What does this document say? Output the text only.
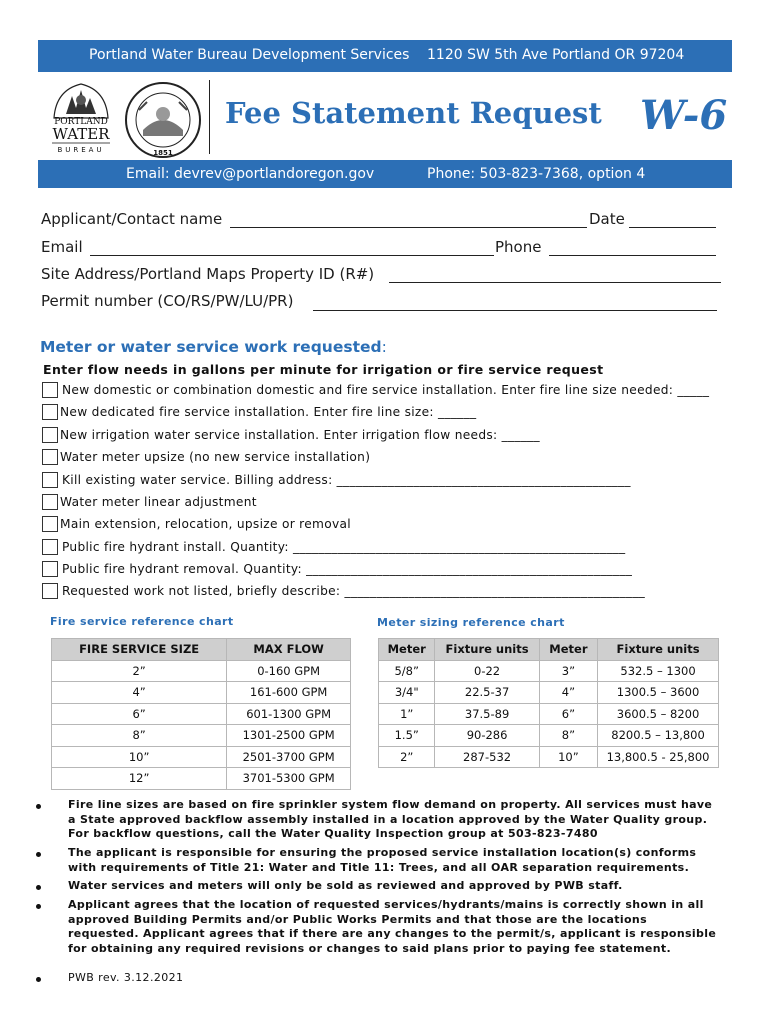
Portland Water Bureau Development Services 1120 SW 5th Ave Portland OR 97204
PORTLAND
WATER
BUREAU	1851
Fee Statement Request W-6
Email: devrev@portlandoregon.gov	Phone: 503-823-7368, option 4
Applicant/Contact name	Date
Email	Phone
Site Address/Portland Maps Property ID (R#)
Permit number (CO/RS/PW/LU/PR)
Meter or water service work requested:
Enter flow needs in gallons per minute for irrigation or fire service request
New domestic or combination domestic and fire service installation. Enter fire line size needed: _____
New dedicated fire service installation. Enter fire line size: ______
New irrigation water service installation. Enter irrigation flow needs: ______
Water meter upsize (no new service installation)
Kill existing water service. Billing address: ______________________________________________
Water meter linear adjustment
Main extension, relocation, upsize or removal
Public fire hydrant install. Quantity: ____________________________________________________
Public fire hydrant removal. Quantity: ___________________________________________________
Requested work not listed, briefly describe: _______________________________________________
Fire service reference chart	Meter sizing reference chart
FIRE SERVICE SIZE	MAX FLOW
2”	0-160 GPM
4”	161-600 GPM
6”	601-1300 GPM
8”	1301-2500 GPM
10”	2501-3700 GPM
12”	3701-5300 GPM
Meter	Fixture units	Meter	Fixture units
5/8”	0-22	3”	532.5 – 1300
3/4"	22.5-37	4”	1300.5 – 3600
1”	37.5-89	6”	3600.5 – 8200
1.5”	90-286	8”	8200.5 – 13,800
2”	287-532	10”	13,800.5 - 25,800
Fire line sizes are based on fire sprinkler system flow demand on property. All services must have a State approved backflow assembly installed in a location approved by the Water Quality group. For backflow questions, call the Water Quality Inspection group at 503-823-7480
The applicant is responsible for ensuring the proposed service installation location(s) conforms with requirements of Title 21: Water and Title 11: Trees, and all OAR separation requirements.
Water services and meters will only be sold as reviewed and approved by PWB staff.
Applicant agrees that the location of requested services/hydrants/mains is correctly shown in all approved Building Permits and/or Public Works Permits and that those are the locations requested. Applicant agrees that if there are any changes to the permit/s, applicant is responsible for obtaining any required revisions or changes to said plans prior to paying fee statement.
PWB rev. 3.12.2021
